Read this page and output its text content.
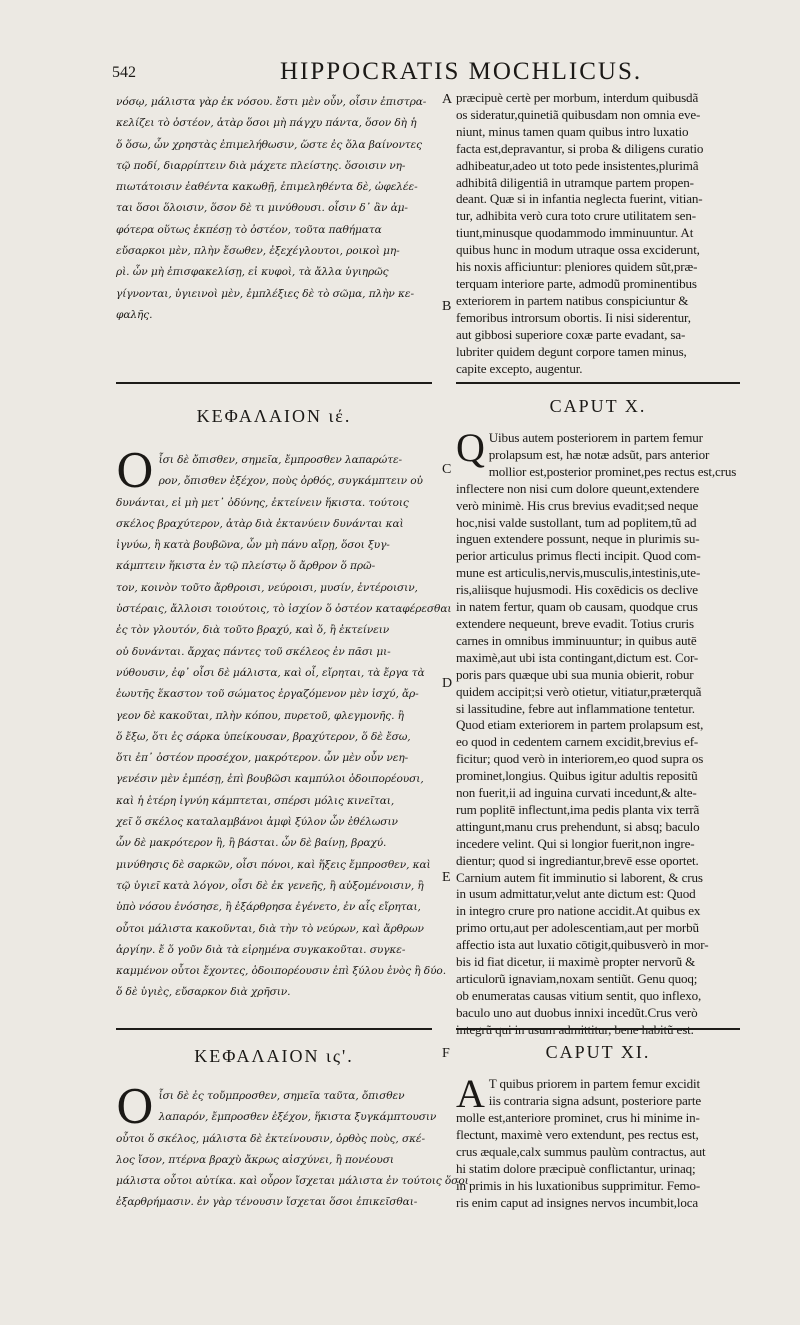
542	HIPPOCRATIS MOCHLICUS.
νόσῳ, μάλιστα γὰρ ἐκ νόσου. ἔστι μὲν οὖν, οἷσιν ἐπιστρα-
κελίζει τὸ ὀστέον, ἀτὰρ ὅσοι μὴ πάγχυ πάντα, ὅσον δὴ ἡ
ὅ ὅσω, ὧν χρηστὰς ἐπιμελήθωσιν, ὥστε ἐς ὅλα βαίνοντες
τῷ ποδί, διαρρίπτειν διὰ μάχετε πλείστης. ὅσοισιν νη-
πιωτάτοισιν ἐαθέντα κακωθῇ, ἐπιμεληθέντα δὲ, ὠφελέε-
ται ὅσοι ὅλοισιν, ὅσον δὲ τι μινύθουσι. οἷσιν δ᾽ ἂν ἀμ-
φότερα οὕτως ἐκπέσῃ τὸ ὀστέον, τοῦτα παθήματα
εὔσαρκοι μὲν, πλὴν ἔσωθεν, ἐξεχέγλουτοι, ροικοὶ μη-
ρὶ. ὧν μὴ ἐπισφακελίσῃ, εἰ κυφοὶ, τὰ ἄλλα ὑγιηρῶς
γίγνονται, ὑγιεινοὶ μὲν, ἐμπλέξιες δὲ τὸ σῶμα, πλὴν κε-
φαλῆς.
præcipuè certè per morbum, interdum quibusdã
os sideratur,quinetiã quibusdam non omnia eve-
niunt, minus tamen quam quibus intro luxatio
facta est,depravantur, si proba & diligens curatio
adhibeatur,adeo ut toto pede insistentes,plurimâ
adhibitâ diligentiâ in utramque partem propen-
deant. Quæ si in infantia neglecta fuerint, vitian-
tur, adhibita verò cura toto crure utilitatem sen-
tiunt,minusque quodammodo imminuuntur. At
quibus hunc in modum utraque ossa exciderunt,
his noxis afficiuntur: pleniores quidem sũt,præ-
terquam interiore parte, admodũ prominentibus
exteriorem in partem natibus conspiciuntur &
femoribus introrsum obortis. Ii nisi siderentur,
aut gibbosi superiore coxæ parte evadant, sa-
lubriter quidem degunt corpore tamen minus,
capite excepto, augentur.
A
B
ΚΕΦΑΛΑΙΟΝ ιέ.	CAPUT X.
Ο ἷσι δὲ ὄπισθεν, σημεῖα, ἔμπροσθεν λαπαρώτε-
ρον, ὄπισθεν ἐξέχον, ποὺς ὀρθός, συγκάμπτειν οὐ
δυνάνται, εἰ μὴ μετ᾽ ὀδύνης, ἐκτείνειν ἥκιστα. τούτοις
σκέλος βραχύτερον, ἀτὰρ διὰ ἐκτανύειν δυνάνται καὶ
ἰγνύω, ἢ κατὰ βουβῶνα, ὧν μὴ πάνυ αἴρῃ, ὅσοι ξυγ-
κάμπτειν ἥκιστα ἐν τῷ πλείστῳ ὅ ἄρθρον ὅ πρῶ-
τον, κοινὸν τοῦτο ἄρθροισι, νεύροισι, μυσίν, ἐντέροισιν,
ὑστέραις, ἄλλοισι τοιούτοις, τὸ ἰσχίον ὅ ὀστέον καταφέρεσθαι
ἐς τὸν γλουτόν, διὰ τοῦτο βραχύ, καὶ ὅ, ἢ ἐκτείνειν
οὐ δυνάνται. ἄρχας πάντες τοῦ σκέλεος ἐν πᾶσι μι-
νύθουσιν, ἐφ᾽ οἷσι δὲ μάλιστα, καὶ οἷ, εἴρηται, τὰ ἔργα τὰ
ἑωυτῆς ἕκαστον τοῦ σώματος ἐργαζόμενον μὲν ἰσχύ, ἄρ-
γεον δὲ κακοῦται, πλὴν κόπου, πυρετοῦ, φλεγμονῆς. ἢ
ὅ ἔξω, ὅτι ἐς σάρκα ὑπείκουσαν, βραχύτερον, ὅ δὲ ἔσω,
ὅτι ἐπ᾽ ὀστέον προσέχον, μακρότερον. ὧν μὲν οὖν νεη-
γενέσιν μὲν ἐμπέσῃ, ἐπὶ βουβῶσι καμπύλοι ὁδοιπορέουσι,
καὶ ἡ ἑτέρη ἰγνύη κάμπτεται, σπέρσι μόλις κινεῖται,
χεῖ ὅ σκέλος καταλαμβάνοι ἀμφὶ ξύλον ὧν ἐθέλωσιν
ὧν δὲ μακρότερον ἢ, ἢ βάσται. ὧν δὲ βαίνῃ, βραχύ.
μινύθησις δὲ σαρκῶν, οἷσι πόνοι, καὶ ἥξεις ἔμπροσθεν, καὶ
τῷ ὑγιεῖ κατὰ λόγον, οἷσι δὲ ἐκ γενεῆς, ἢ αὐξομένοισιν, ἢ
ὑπὸ νόσου ἐνόσησε, ἢ ἐξάρθρησα ἐγένετο, ἐν αἷς εἴρηται,
οὗτοι μάλιστα κακοῦνται, διὰ τὴν τὸ νεύρων, καὶ ἄρθρων
ἀργίην. ἔ ὅ γοῦν διὰ τὰ εἰρημένα συγκακοῦται. συγκε-
καμμένον οὗτοι ἔχοντες, ὁδοιπορέουσιν ἐπὶ ξύλου ἑνὸς ἢ δύο.
ὅ δὲ ὑγιὲς, εὔσαρκον διὰ χρῆσιν.
Q Uibus autem posteriorem in partem femur
prolapsum est, hæ notæ adsũt, pars anterior
mollior est,posterior prominet,pes rectus est,crus
inflectere non nisi cum dolore queunt,extendere
verò minimè. His crus brevius evadit;sed neque
hoc,nisi valde sustollant, tum ad poplitem,tũ ad
inguen extendere possunt, neque in plurimis su-
perior articulus primus flecti incipit. Quod com-
mune est articulis,nervis,musculis,intestinis,ute-
ris,aliisque hujusmodi. His coxēdicis os declive
in natem fertur, quam ob causam, quodque crus
extendere nequeunt, breve evadit. Totius cruris
carnes in omnibus imminuuntur; in quibus autē
maximè,aut ubi ista contingant,dictum est. Cor-
poris pars quæque ubi sua munia obierit, robur
quidem accipit;si verò otietur, vitiatur,præterquã
si lassitudine, febre aut inflammatione tentetur.
Quod etiam exteriorem in partem prolapsum est,
eo quod in cedentem carnem excidit,brevius ef-
ficitur; quod verò in interiorem,eo quod supra os
prominet,longius. Quibus igitur adultis repositũ
non fuerit,ii ad inguina curvati incedunt,& alte-
rum poplitē inflectunt,ima pedis planta vix terrã
attingunt,manu crus prehendunt, si absq; baculo
incedere velint. Qui si longior fuerit,non ingre-
dientur; quod si ingrediantur,brevē esse oportet.
Carnium autem fit imminutio si laborent, & crus
in usum admittatur,velut ante dictum est: Quod
in integro crure pro natione accidit.At quibus ex
primo ortu,aut per adolescentiam,aut per morbũ
affectio ista aut luxatio cōtigit,quibusverò in mor-
bis id fiat dicetur, ii maximè propter nervorũ &
articulorũ ignaviam,noxam sentiũt. Genu quoq;
ob enumeratas causas vitium sentit, quo inflexo,
baculo uno aut duobus innixi incedũt.Crus verò
C
D
E
F
ΚΕΦΑΛΑΙΟΝ ις'.	CAPUT XI.
Ο ἷσι δὲ ἐς τοὔμπροσθεν, σημεῖα ταῦτα, ὄπισθεν
λαπαρόν, ἔμπροσθεν ἐξέχον, ἥκιστα ξυγκάμπτουσιν
οὗτοι ὅ σκέλος, μάλιστα δὲ ἐκτείνουσιν, ὀρθὸς ποὺς, σκέ-
λος ἴσον, πτέρνα βραχὺ ἄκρως αἰσχύνει, ἢ πονέουσι
μάλιστα οὗτοι αὐτίκα. καὶ οὖρον ἴσχεται μάλιστα ἐν τούτοις ὅσοι
ἐξαρθρήμασιν. ἐν γὰρ τένουσιν ἴσχεται ὅσοι ἐπικεῖσθαι-
A T quibus priorem in partem femur excidit
iis contraria signa adsunt, posteriore parte
molle est,anteriore prominet, crus hi minime in-
flectunt, maximè vero extendunt, pes rectus est,
crus æquale,calx summus paulùm contractus, aut
hi statim dolore præcipuè conflictantur, urinaq;
in primis in his luxationibus supprimitur. Femo-
ris enim caput ad insignes nervos incumbit,loca
